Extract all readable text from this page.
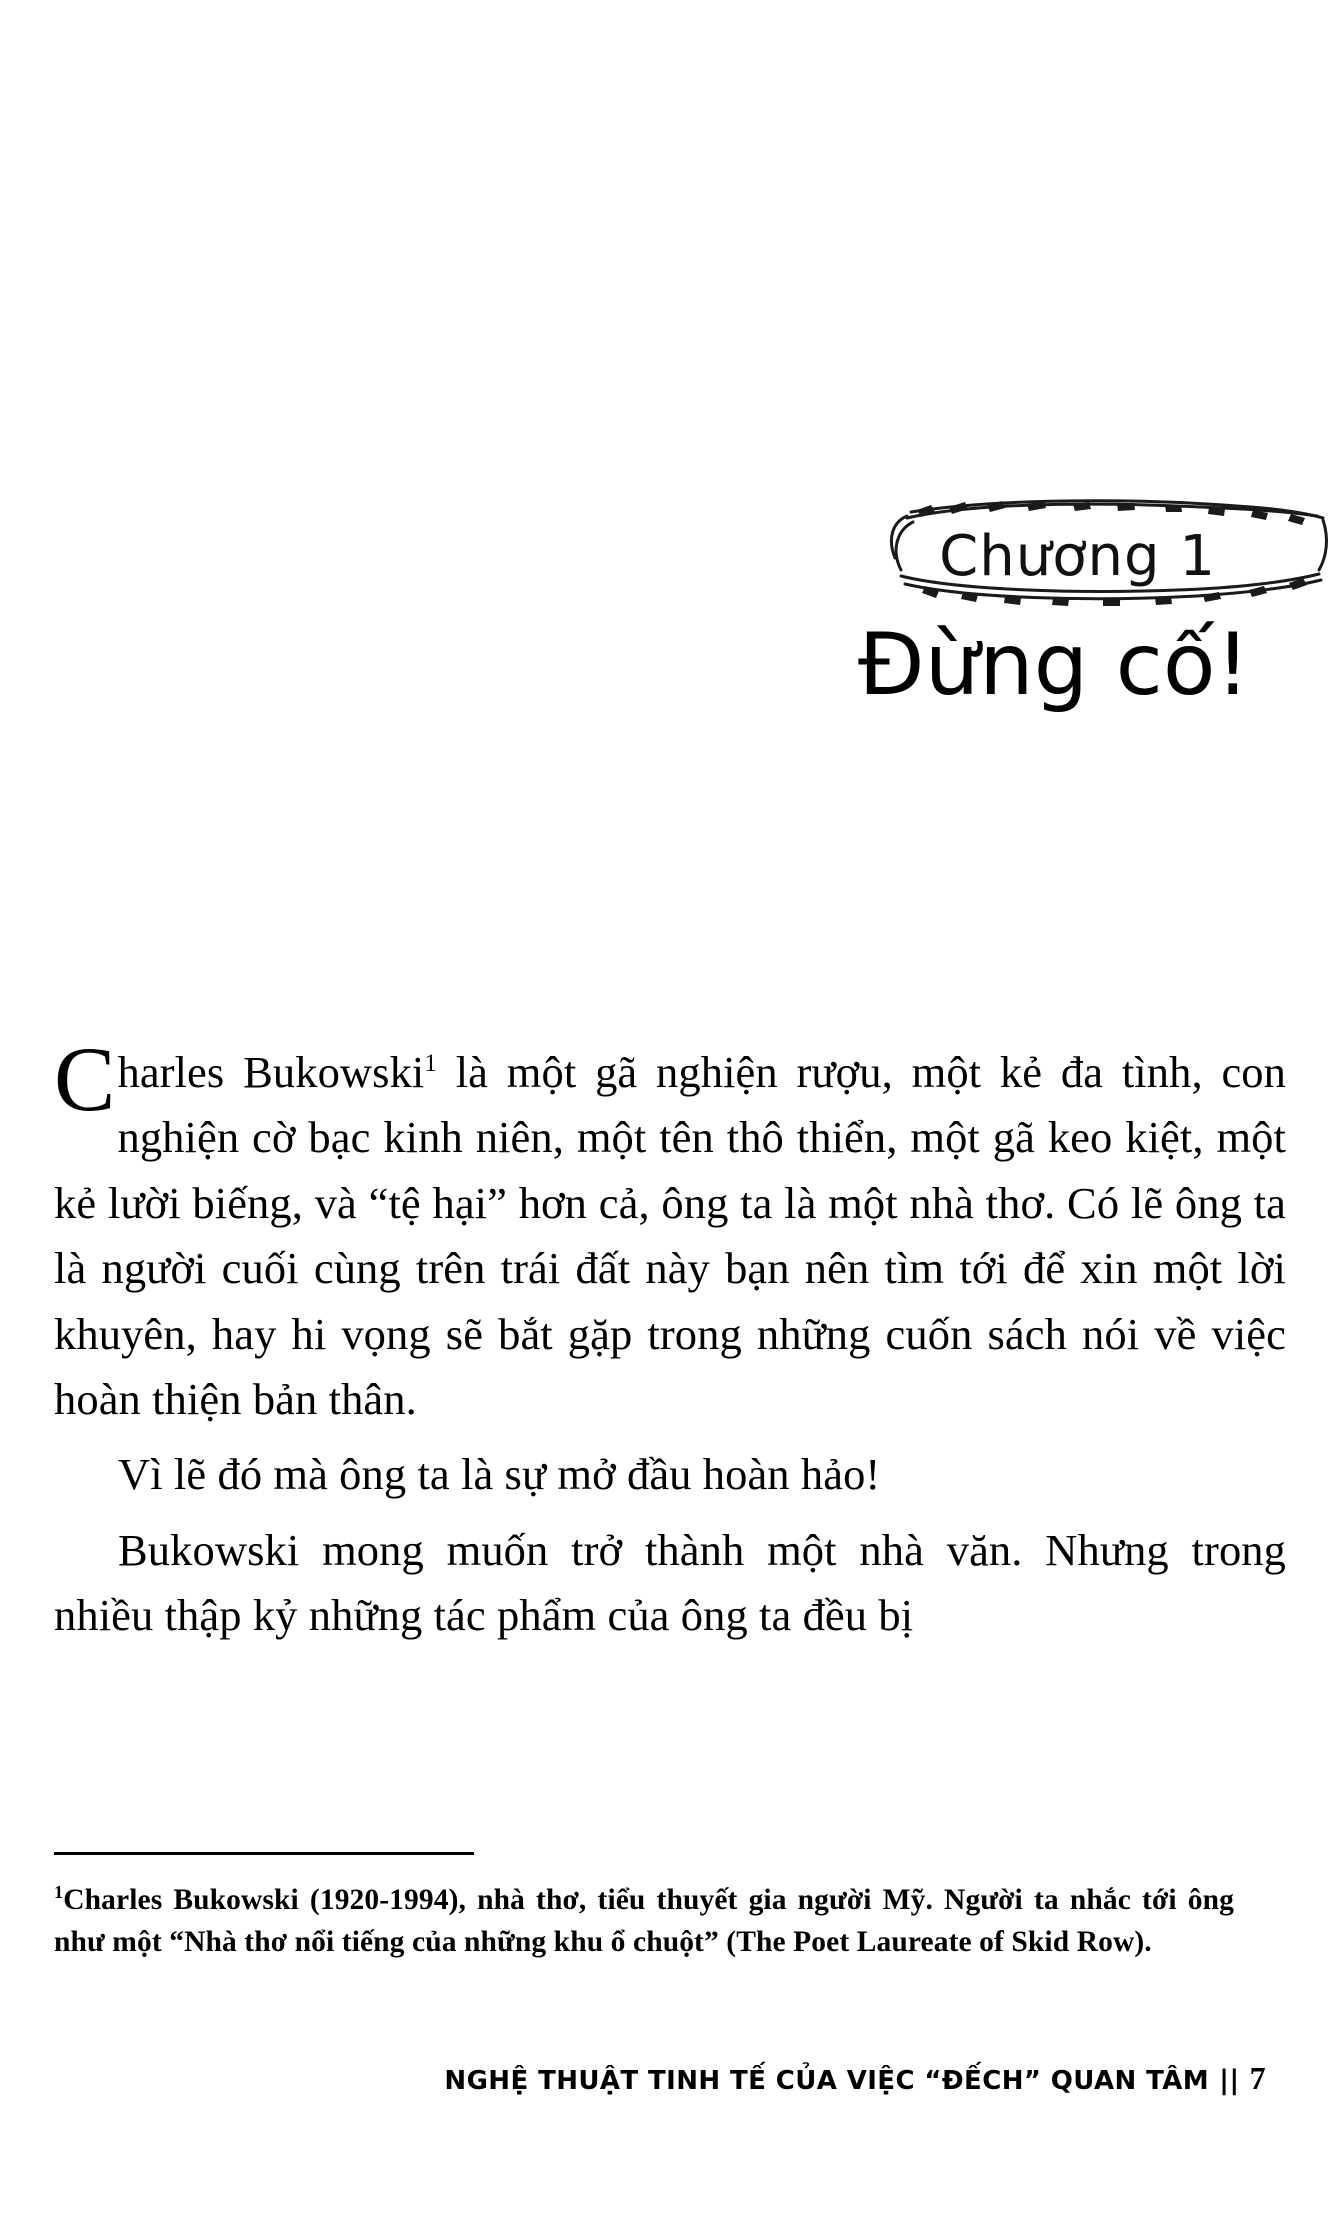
Chương 1
Đừng cố!

Charles Bukowski$^1$ là một gã nghiện rượu, một kẻ đa tình, con nghiện cờ bạc kinh niên, một tên thô thiển, một gã keo kiệt, một kẻ lười biếng, và “tệ hại” hơn cả, ông ta là một nhà thơ. Có lẽ ông ta là người cuối cùng trên trái đất này bạn nên tìm tới để xin một lời khuyên, hay hi vọng sẽ bắt gặp trong những cuốn sách nói về việc hoàn thiện bản thân.

Vì lẽ đó mà ông ta là sự mở đầu hoàn hảo!

Bukowski mong muốn trở thành một nhà văn. Nhưng trong nhiều thập kỷ những tác phẩm của ông ta đều bị

$^1$Charles Bukowski (1920-1994), nhà thơ, tiểu thuyết gia người Mỹ. Người ta nhắc tới ông như một “Nhà thơ nổi tiếng của những khu ổ chuột” (The Poet Laureate of Skid Row).
NGHỆ THUẬT TINH TẾ CỦA VIỆC “ĐẾCH” QUAN TÂM || 7
